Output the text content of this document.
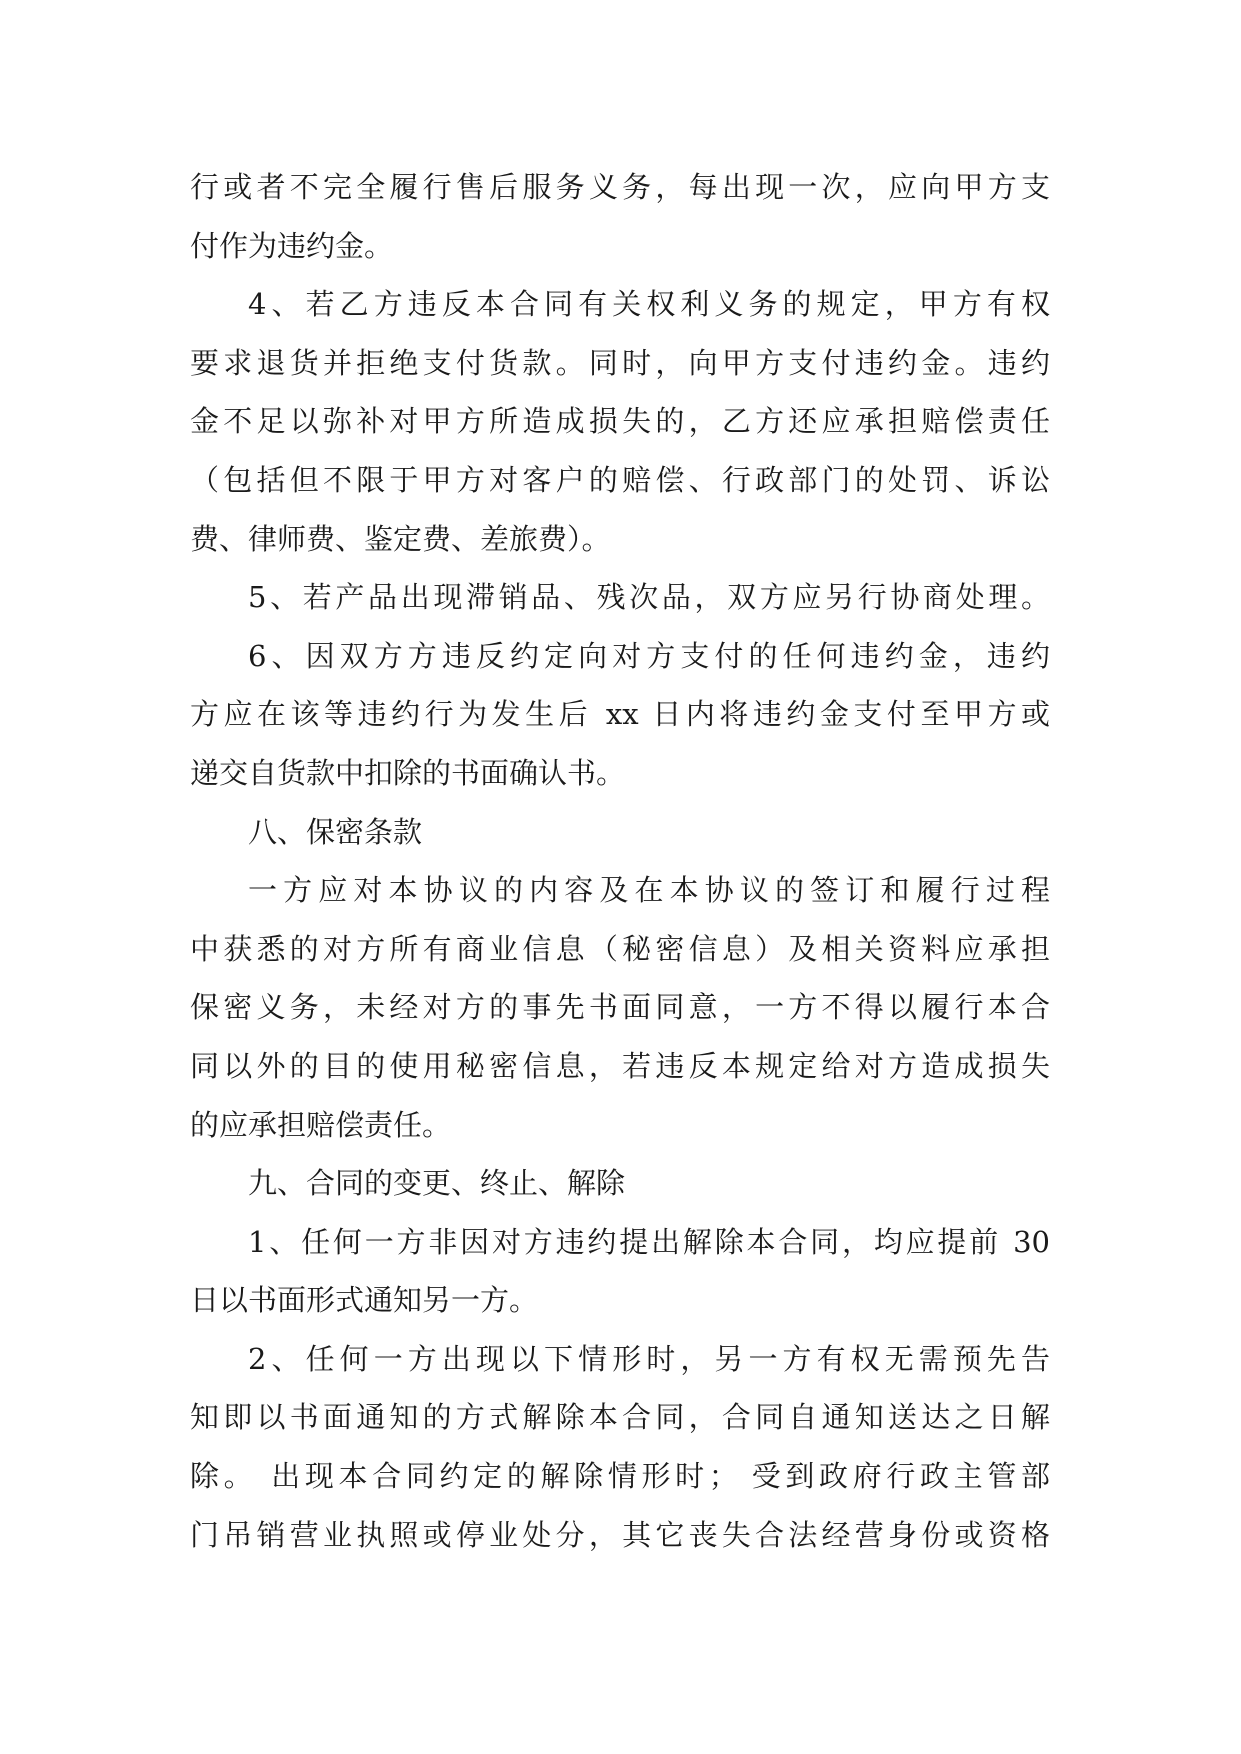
行或者不完全履行售后服务义务，每出现一次，应向甲方支
付作为违约金。
4、若乙方违反本合同有关权利义务的规定，甲方有权
要求退货并拒绝支付货款。同时，向甲方支付违约金。违约
金不足以弥补对甲方所造成损失的，乙方还应承担赔偿责任
（包括但不限于甲方对客户的赔偿、行政部门的处罚、诉讼
费、律师费、鉴定费、差旅费）。
5、若产品出现滞销品、残次品，双方应另行协商处理。
6、因双方方违反约定向对方支付的任何违约金，违约
方应在该等违约行为发生后 xx 日内将违约金支付至甲方或
递交自货款中扣除的书面确认书。
八、保密条款
一方应对本协议的内容及在本协议的签订和履行过程
中获悉的对方所有商业信息（秘密信息）及相关资料应承担
保密义务，未经对方的事先书面同意，一方不得以履行本合
同以外的目的使用秘密信息，若违反本规定给对方造成损失
的应承担赔偿责任。
九、合同的变更、终止、解除
1、任何一方非因对方违约提出解除本合同，均应提前 30
日以书面形式通知另一方。
2、任何一方出现以下情形时，另一方有权无需预先告
知即以书面通知的方式解除本合同，合同自通知送达之日解
除。 出现本合同约定的解除情形时； 受到政府行政主管部
门吊销营业执照或停业处分，其它丧失合法经营身份或资格
